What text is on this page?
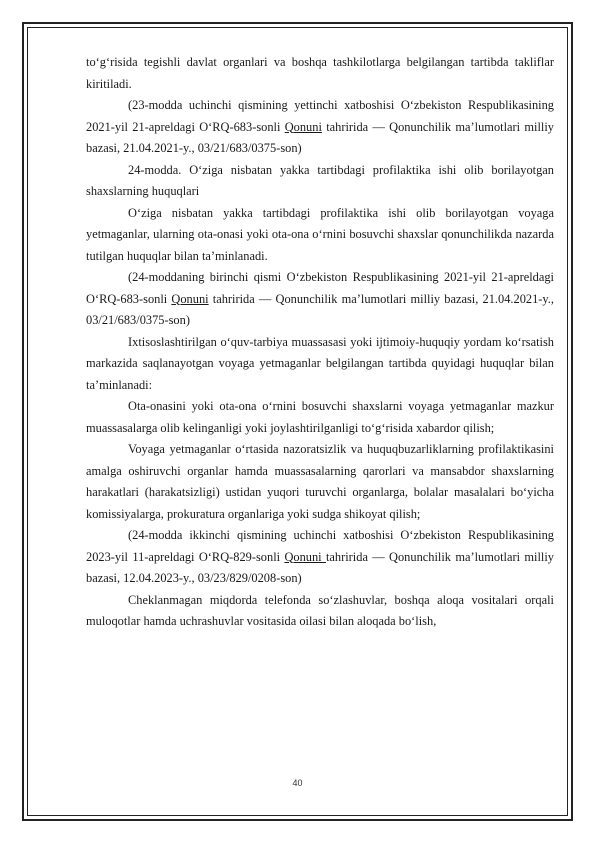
to‘g‘risida tegishli davlat organlari va boshqa tashkilotlarga belgilangan tartibda takliflar kiritiladi.

(23-modda uchinchi qismining yettinchi xatboshisi O‘zbekiston Respublikasining 2021-yil 21-apreldagi O‘RQ-683-sonli Qonuni tahririda — Qonunchilik ma’lumotlari milliy bazasi, 21.04.2021-y., 03/21/683/0375-son)

24-modda. O‘ziga nisbatan yakka tartibdagi profilaktika ishi olib borilayotgan shaxslarning huquqlari

O‘ziga nisbatan yakka tartibdagi profilaktika ishi olib borilayotgan voyaga yetmaganlar, ularning ota-onasi yoki ota-ona o‘rnini bosuvchi shaxslar qonunchilikda nazarda tutilgan huquqlar bilan ta’minlanadi.

(24-moddaning birinchi qismi O‘zbekiston Respublikasining 2021-yil 21-apreldagi O‘RQ-683-sonli Qonuni tahririda — Qonunchilik ma’lumotlari milliy bazasi, 21.04.2021-y., 03/21/683/0375-son)

Ixtisoslashtirilgan o‘quv-tarbiya muassasasi yoki ijtimoiy-huquqiy yordam ko‘rsatish markazida saqlanayotgan voyaga yetmaganlar belgilangan tartibda quyidagi huquqlar bilan ta’minlanadi:

Ota-onasini yoki ota-ona o‘rnini bosuvchi shaxslarni voyaga yetmaganlar mazkur muassasalarga olib kelinganligi yoki joylashtirilganligi to‘g‘risida xabardor qilish;

Voyaga yetmaganlar o‘rtasida nazoratsizlik va huquqbuzarliklarning profilaktikasini amalga oshiruvchi organlar hamda muassasalarning qarorlari va mansabdor shaxslarning harakatlari (harakatsizligi) ustidan yuqori turuvchi organlarga, bolalar masalalari bo‘yicha komissiyalarga, prokuratura organlariga yoki sudga shikoyat qilish;

(24-modda ikkinchi qismining uchinchi xatboshisi O‘zbekiston Respublikasining 2023-yil 11-apreldagi O‘RQ-829-sonli Qonuni tahririda — Qonunchilik ma’lumotlari milliy bazasi, 12.04.2023-y., 03/23/829/0208-son)

Cheklanmagan miqdorda telefonda so‘zlashuvlar, boshqa aloqa vositalari orqali muloqotlar hamda uchrashuvlar vositasida oilasi bilan aloqada bo‘lish,

40
